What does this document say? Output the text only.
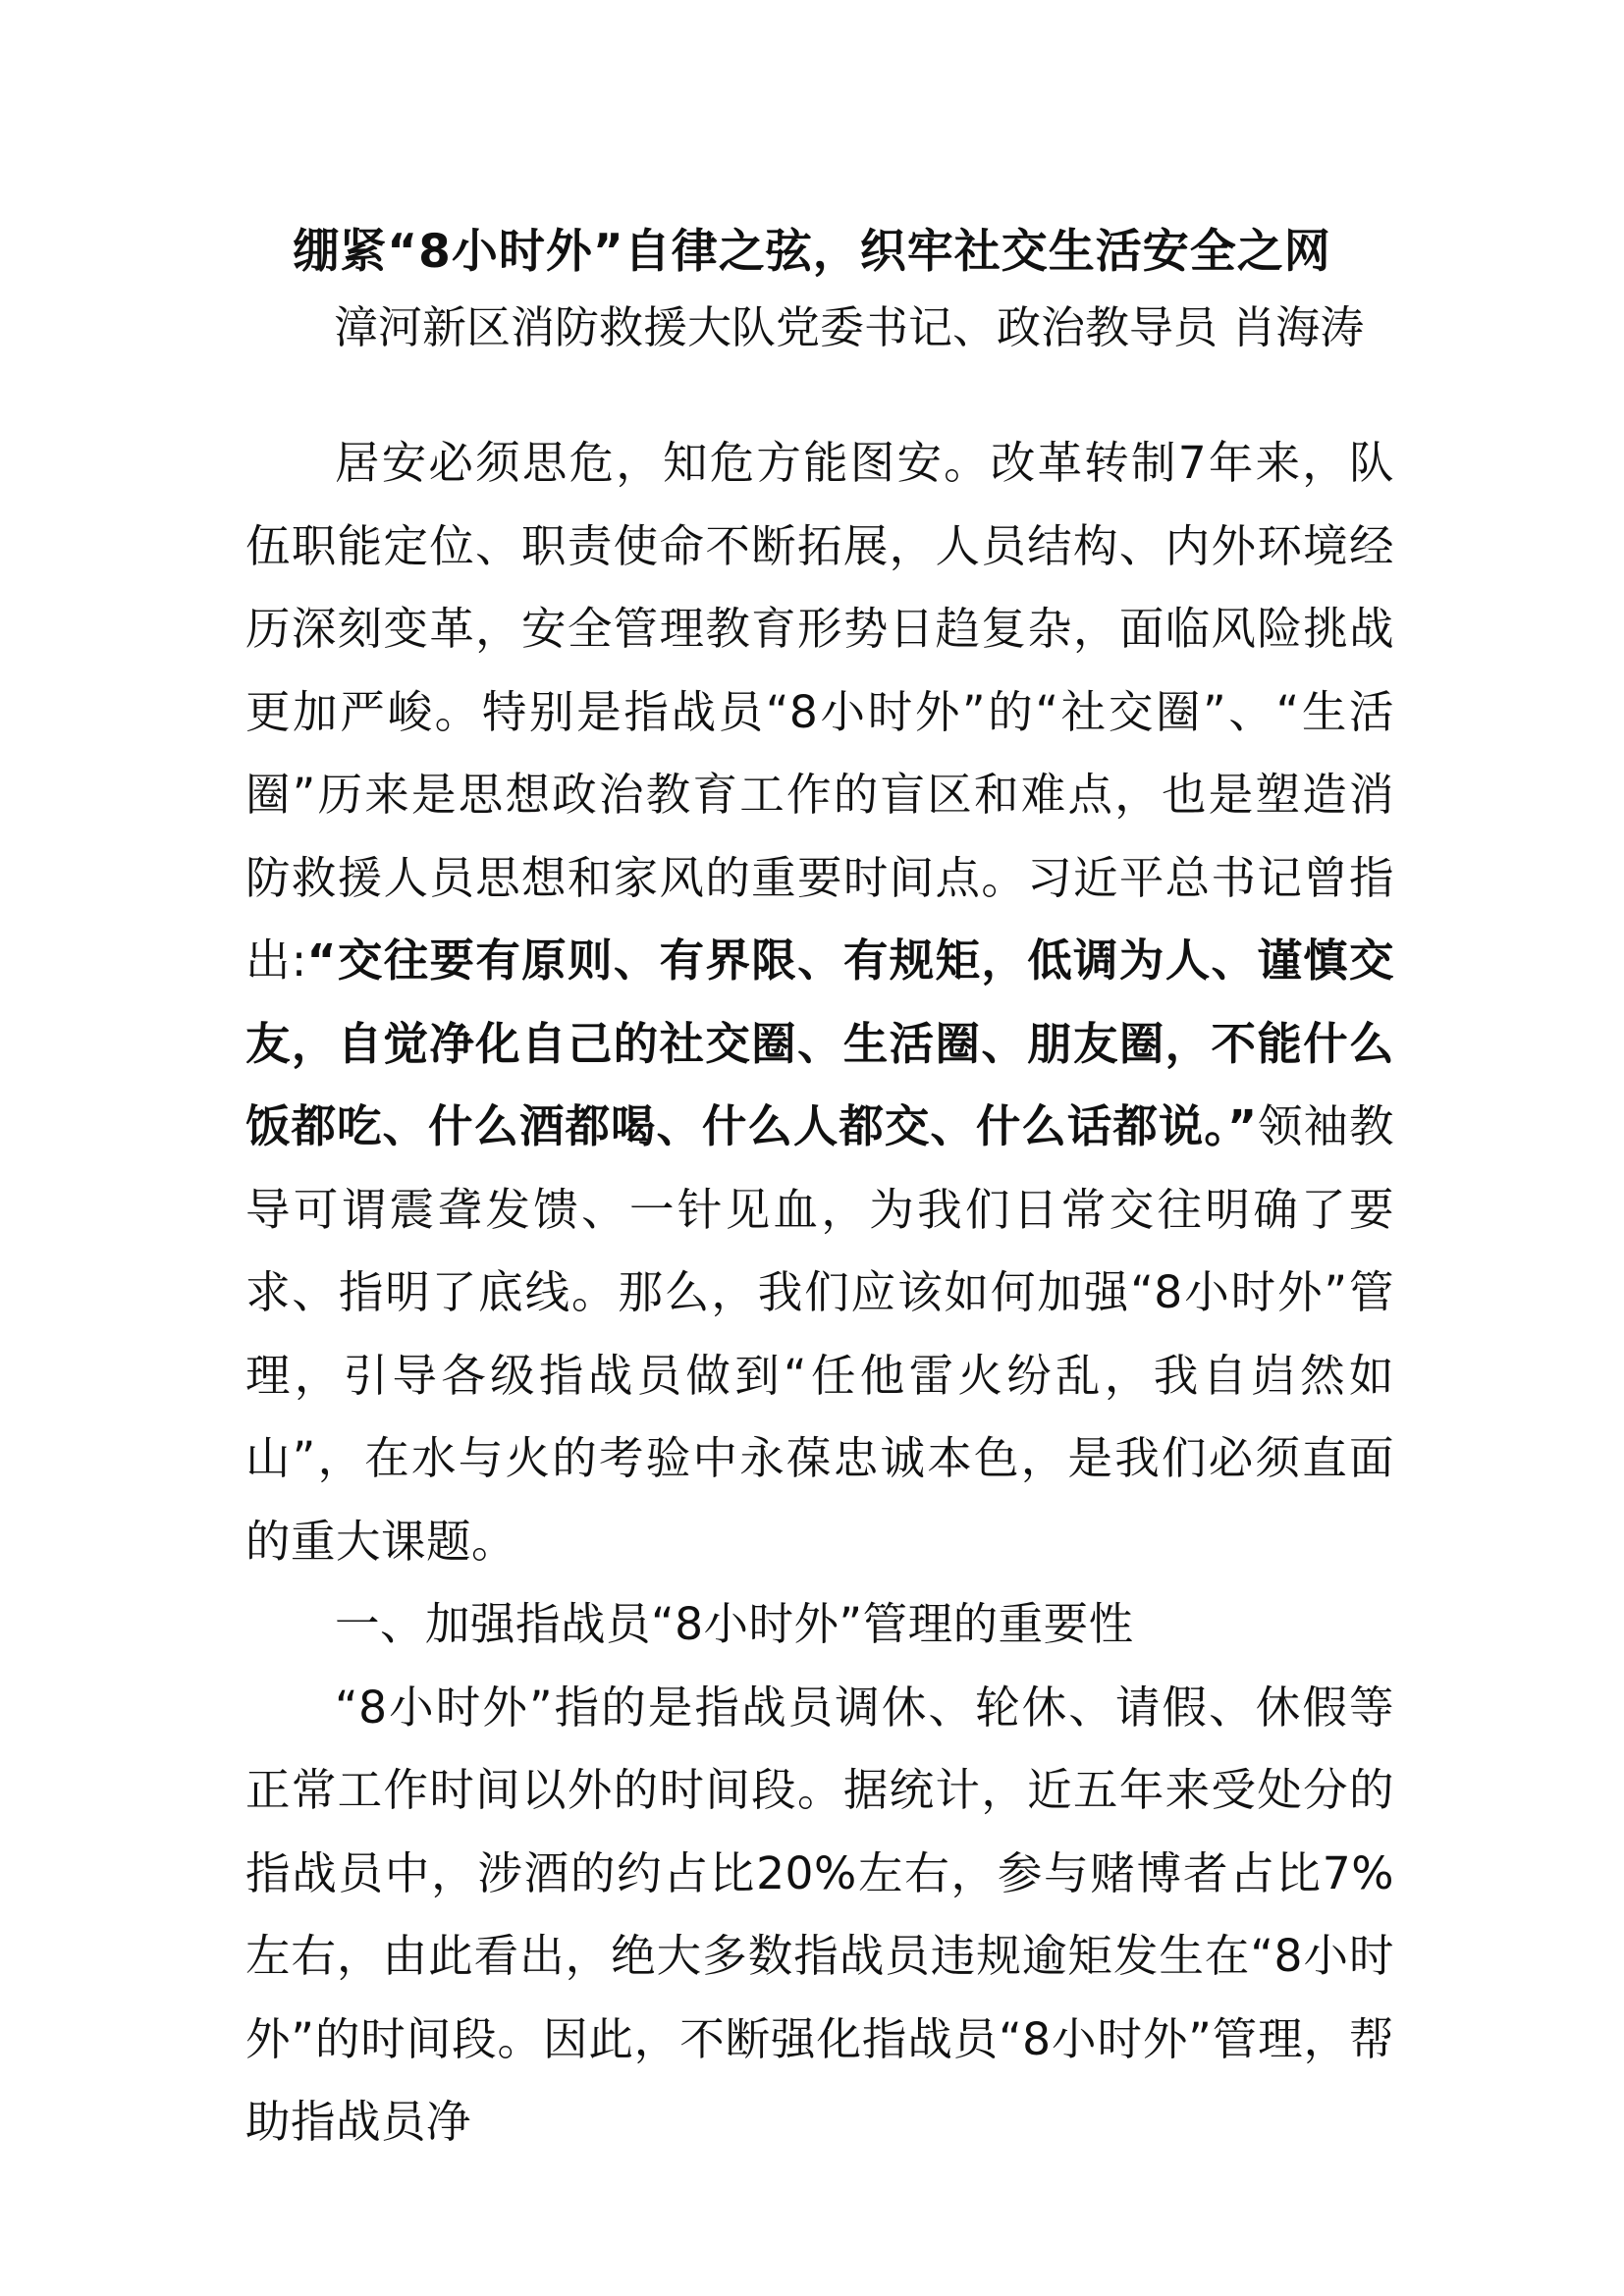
绷紧“8小时外”自律之弦，织牢社交生活安全之网

漳河新区消防救援大队党委书记、政治教导员 肖海涛

居安必须思危，知危方能图安。改革转制7年来，队伍职能定位、职责使命不断拓展，人员结构、内外环境经历深刻变革，安全管理教育形势日趋复杂，面临风险挑战更加严峻。特别是指战员“8小时外”的“社交圈”、“生活圈”历来是思想政治教育工作的盲区和难点，也是塑造消防救援人员思想和家风的重要时间点。习近平总书记曾指出:“交往要有原则、有界限、有规矩，低调为人、谨慎交友，自觉净化自己的社交圈、生活圈、朋友圈，不能什么饭都吃、什么酒都喝、什么人都交、什么话都说。”领袖教导可谓震聋发馈、一针见血，为我们日常交往明确了要求、指明了底线。那么，我们应该如何加强“8小时外”管理，引导各级指战员做到“任他雷火纷乱，我自岿然如山”，在水与火的考验中永葆忠诚本色，是我们必须直面的重大课题。

一、加强指战员“8小时外”管理的重要性

“8小时外”指的是指战员调休、轮休、请假、休假等正常工作时间以外的时间段。据统计，近五年来受处分的指战员中，涉酒的约占比20%左右，参与赌博者占比7%左右，由此看出，绝大多数指战员违规逾矩发生在“8小时外”的时间段。因此，不断强化指战员“8小时外”管理，帮助指战员净
